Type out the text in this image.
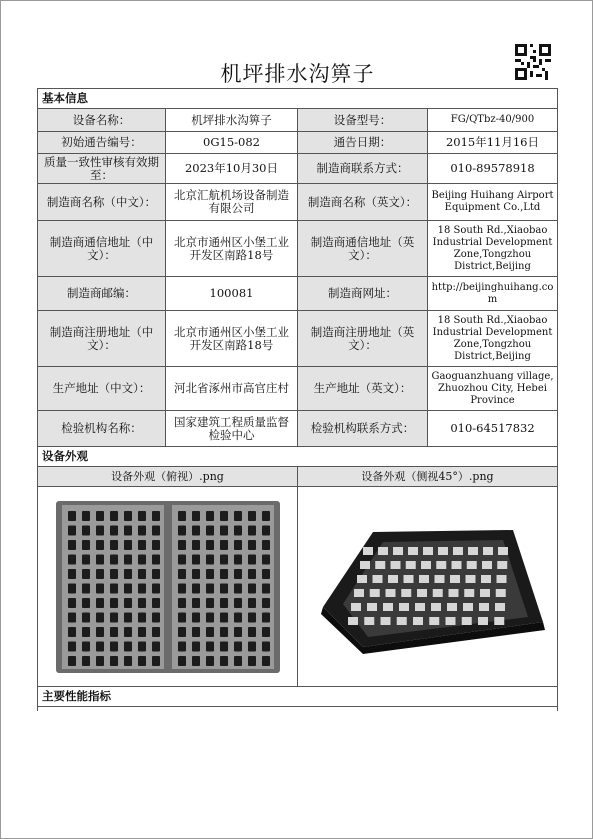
机坪排水沟箅子
基本信息			
设备名称：	机坪排水沟箅子	设备型号：	FG/QTbz-40/900
初始通告编号：	0G15-082	通告日期：	2015年11月16日
质量一致性审核有效期至：	2023年10月30日	制造商联系方式：	010-89578918
制造商名称（中文）：	北京汇航机场设备制造有限公司	制造商名称（英文）：	Beijing Huihang Airport Equipment Co.,Ltd
制造商通信地址（中文）：	北京市通州区小堡工业开发区南路18号	制造商通信地址（英文）：	18 South Rd.,Xiaobao Industrial Development Zone,Tongzhou District,Beijing
制造商邮编：	100081	制造商网址：	http://beijinghuihang.com
制造商注册地址（中文）：	北京市通州区小堡工业开发区南路18号	制造商注册地址（英文）：	18 South Rd.,Xiaobao Industrial Development Zone,Tongzhou District,Beijing
生产地址（中文）：	河北省涿州市高官庄村	生产地址（英文）：	Gaoguanzhuang village, Zhuozhou City, Hebei Province
检验机构名称：	国家建筑工程质量监督检验中心	检验机构联系方式：	010-64517832
设备外观			
设备外观（俯视）.png		设备外观（侧视45°）.png	

主要性能指标			
